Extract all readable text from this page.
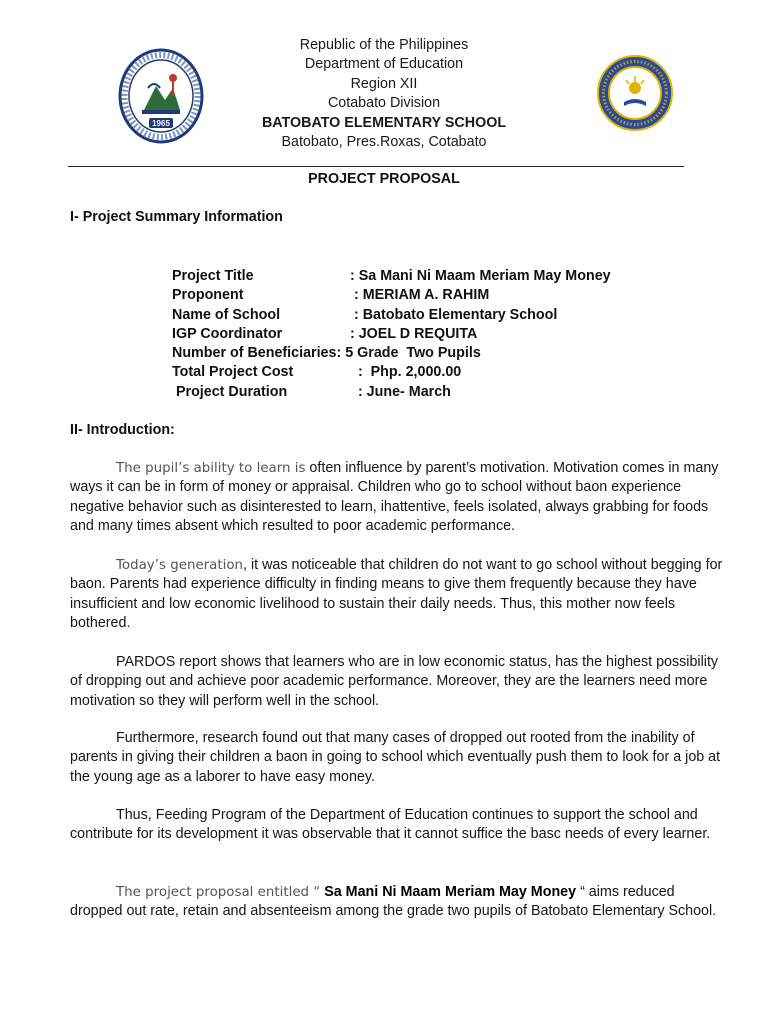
1965
Republic of the Philippines
Department of Education
Region XII
Cotabato Division
BATOBATO ELEMENTARY SCHOOL
Batobato, Pres.Roxas, Cotabato
PROJECT PROPOSAL
I- Project Summary Information
Project Title	: Sa Mani Ni Maam Meriam May Money
Proponent	: MERIAM A. RAHIM
Name of School	: Batobato Elementary School
IGP Coordinator	: JOEL D REQUITA
Number of Beneficiaries: 5 Grade  Two Pupils
Total Project Cost	:  Php. 2,000.00
Project Duration	: June- March
II- Introduction:
The pupil’s ability to learn is often influence by parent’s motivation. Motivation comes in many ways it can be in form of money or appraisal. Children who go to school without baon experience negative behavior such as disinterested to learn, ihattentive, feels isolated, always grabbing for foods and many times absent which resulted to poor academic performance.
Today’s generation, it was noticeable that children do not want to go school without begging for baon. Parents had experience difficulty in finding means to give them frequently because they have insufficient and low economic livelihood to sustain their daily needs. Thus, this mother now feels bothered.
PARDOS report shows that learners who are in low economic status, has the highest possibility of dropping out and achieve poor academic performance. Moreover, they are the learners need more motivation so they will perform well in the school.
Furthermore, research found out that many cases of dropped out rooted from the inability of parents in giving their children a baon in going to school which eventually push them to look for a job at the young age as a laborer to have easy money.
Thus, Feeding Program of the Department of Education continues to support the school and contribute for its development it was observable that it cannot suffice the basc needs of every learner.
The project proposal entitled “ Sa Mani Ni Maam Meriam May Money “ aims reduced dropped out rate, retain and absenteeism among the grade two pupils of Batobato Elementary School.
